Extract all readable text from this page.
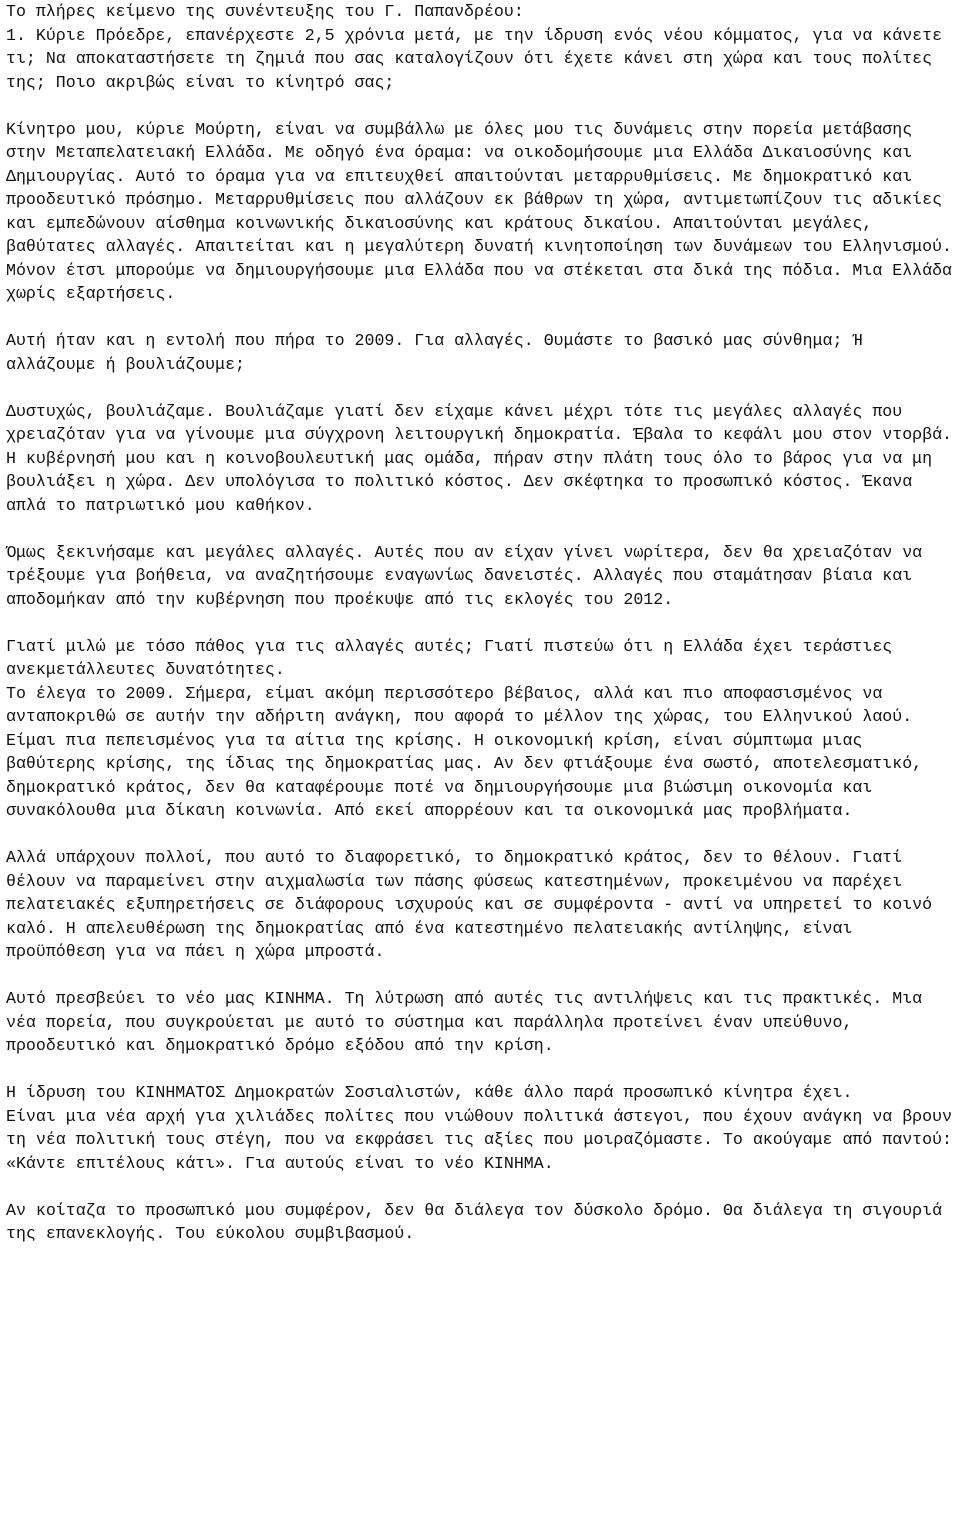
Το πλήρες κείμενο της συνέντευξης του Γ. Παπανδρέου:

1. Κύριε Πρόεδρε, επανέρχεστε 2,5 χρόνια μετά, με την ίδρυση ενός νέου κόμματος, για να κάνετε τι; Να αποκαταστήσετε τη ζημιά που σας καταλογίζουν ότι έχετε κάνει στη χώρα και τους πολίτες της; Ποιο ακριβώς είναι το κίνητρό σας;

Κίνητρο μου, κύριε Μούρτη, είναι να συμβάλλω με όλες μου τις δυνάμεις στην πορεία μετάβασης στην Μεταπελατειακή Ελλάδα. Με οδηγό ένα όραμα: να οικοδομήσουμε μια Ελλάδα Δικαιοσύνης και Δημιουργίας. Αυτό το όραμα για να επιτευχθεί απαιτούνται μεταρρυθμίσεις. Με δημοκρατικό και προοδευτικό πρόσημο. Μεταρρυθμίσεις που αλλάζουν εκ βάθρων τη χώρα, αντιμετωπίζουν τις αδικίες και εμπεδώνουν αίσθημα κοινωνικής δικαιοσύνης και κράτους δικαίου. Απαιτούνται μεγάλες, βαθύτατες αλλαγές. Απαιτείται και η μεγαλύτερη δυνατή κινητοποίηση των δυνάμεων του Ελληνισμού. Μόνον έτσι μπορούμε να δημιουργήσουμε μια Ελλάδα που να στέκεται στα δικά της πόδια. Μια Ελλάδα χωρίς εξαρτήσεις.

Αυτή ήταν και η εντολή που πήρα το 2009. Για αλλαγές. Θυμάστε το βασικό μας σύνθημα; Ή αλλάζουμε ή βουλιάζουμε;

Δυστυχώς, βουλιάζαμε. Βουλιάζαμε γιατί δεν είχαμε κάνει μέχρι τότε τις μεγάλες αλλαγές που χρειαζόταν για να γίνουμε μια σύγχρονη λειτουργική δημοκρατία. Έβαλα το κεφάλι μου στον ντορβά. Η κυβέρνησή μου και η κοινοβουλευτική μας ομάδα, πήραν στην πλάτη τους όλο το βάρος για να μη βουλιάξει η χώρα. Δεν υπολόγισα το πολιτικό κόστος. Δεν σκέφτηκα το προσωπικό κόστος. Έκανα απλά το πατριωτικό μου καθήκον.

Όμως ξεκινήσαμε και μεγάλες αλλαγές. Αυτές που αν είχαν γίνει νωρίτερα, δεν θα χρειαζόταν να τρέξουμε για βοήθεια, να αναζητήσουμε εναγωνίως δανειστές. Αλλαγές που σταμάτησαν βίαια και αποδομήκαν από την κυβέρνηση που προέκυψε από τις εκλογές του 2012.

Γιατί μιλώ με τόσο πάθος για τις αλλαγές αυτές; Γιατί πιστεύω ότι η Ελλάδα έχει τεράστιες ανεκμετάλλευτες δυνατότητες.

Το έλεγα το 2009. Σήμερα, είμαι ακόμη περισσότερο βέβαιος, αλλά και πιο αποφασισμένος να ανταποκριθώ σε αυτήν την αδήριτη ανάγκη, που αφορά το μέλλον της χώρας, του Ελληνικού λαού. Είμαι πια πεπεισμένος για τα αίτια της κρίσης. Η οικονομική κρίση, είναι σύμπτωμα μιας βαθύτερης κρίσης, της ίδιας της δημοκρατίας μας. Αν δεν φτιάξουμε ένα σωστό, αποτελεσματικό, δημοκρατικό κράτος, δεν θα καταφέρουμε ποτέ να δημιουργήσουμε μια βιώσιμη οικονομία και συνακόλουθα μια δίκαιη κοινωνία. Από εκεί απορρέουν και τα οικονομικά μας προβλήματα.

Αλλά υπάρχουν πολλοί, που αυτό το διαφορετικό, το δημοκρατικό κράτος, δεν το θέλουν. Γιατί θέλουν να παραμείνει στην αιχμαλωσία των πάσης φύσεως κατεστημένων, προκειμένου να παρέχει πελατειακές εξυπηρετήσεις σε διάφορους ισχυρούς και σε συμφέροντα - αντί να υπηρετεί το κοινό καλό. Η απελευθέρωση της δημοκρατίας από ένα κατεστημένο πελατειακής αντίληψης, είναι προϋπόθεση για να πάει η χώρα μπροστά.

Αυτό πρεσβεύει το νέο μας ΚΙΝΗΜΑ. Τη λύτρωση από αυτές τις αντιλήψεις και τις πρακτικές. Μια νέα πορεία, που συγκρούεται με αυτό το σύστημα και παράλληλα προτείνει έναν υπεύθυνο, προοδευτικό και δημοκρατικό δρόμο εξόδου από την κρίση.

Η ίδρυση του ΚΙΝΗΜΑΤΟΣ Δημοκρατών Σοσιαλιστών, κάθε άλλο παρά προσωπικό κίνητρα έχει.

Είναι μια νέα αρχή για χιλιάδες πολίτες που νιώθουν πολιτικά άστεγοι, που έχουν ανάγκη να βρουν τη νέα πολιτική τους στέγη, που να εκφράσει τις αξίες που μοιραζόμαστε. Το ακούγαμε από παντού: «Κάντε επιτέλους κάτι». Για αυτούς είναι το νέο ΚΙΝΗΜΑ.

Αν κοίταζα το προσωπικό μου συμφέρον, δεν θα διάλεγα τον δύσκολο δρόμο. Θα διάλεγα τη σιγουριά της επανεκλογής. Του εύκολου συμβιβασμού.
